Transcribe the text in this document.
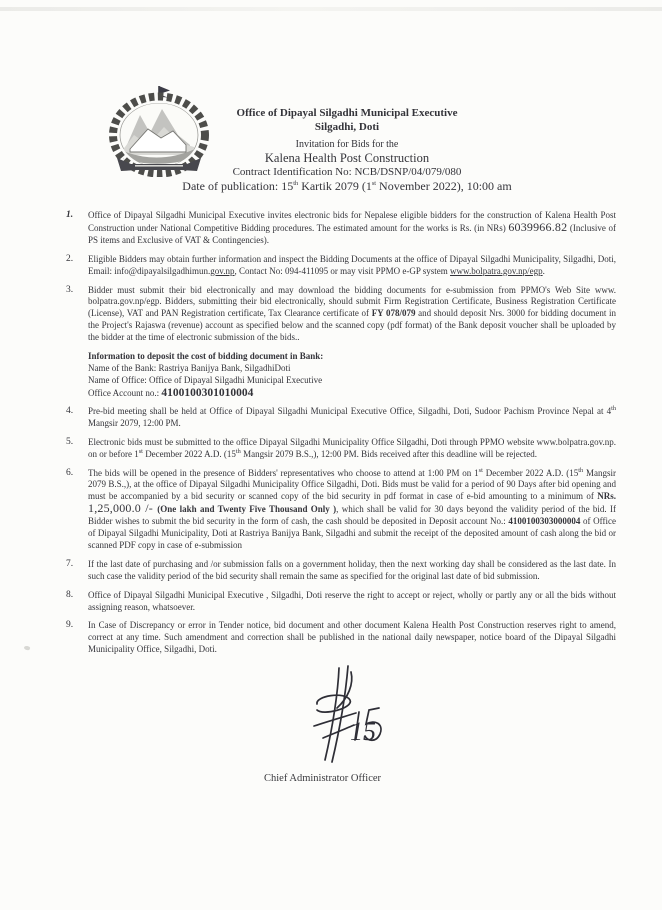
Office of Dipayal Silgadhi Municipal Executive
Silgadhi, Doti
Invitation for Bids for the
Kalena Health Post Construction
Contract Identification No: NCB/DSNP/04/079/080
Date of publication: 15th Kartik 2079 (1st November 2022), 10:00 am
1.	Office of Dipayal Silgadhi Municipal Executive invites electronic bids for Nepalese eligible bidders for the construction of Kalena Health Post Construction under National Competitive Bidding procedures. The estimated amount for the works is Rs. (in NRs) 6039966.82 (Inclusive of PS items and Exclusive of VAT & Contingencies).
2.	Eligible Bidders may obtain further information and inspect the Bidding Documents at the office of Dipayal Silgadhi Municipality, Silgadhi, Doti, Email: info@dipayalsilgadhimun.gov.np, Contact No: 094-411095 or may visit PPMO e-GP system www.bolpatra.gov.np/egp.
3.	Bidder must submit their bid electronically and may download the bidding documents for e-submission from PPMO's Web Site www. bolpatra.gov.np/egp. Bidders, submitting their bid electronically, should submit Firm Registration Certificate, Business Registration Certificate (License), VAT and PAN Registration certificate, Tax Clearance certificate of FY 078/079 and should deposit Nrs. 3000 for bidding document in the Project's Rajaswa (revenue) account as specified below and the scanned copy (pdf format) of the Bank deposit voucher shall be uploaded by the bidder at the time of electronic submission of the bids..
Information to deposit the cost of bidding document in Bank:
Name of the Bank: Rastriya Banijya Bank, SilgadhiDoti
Name of Office: Office of Dipayal Silgadhi Municipal Executive
Office Account no.: 4100100301010004
4.	Pre-bid meeting shall be held at Office of Dipayal Silgadhi Municipal Executive Office, Silgadhi, Doti, Sudoor Pachism Province Nepal at 4th Mangsir 2079, 12:00 PM.
5.	Electronic bids must be submitted to the office Dipayal Silgadhi Municipality Office Silgadhi, Doti through PPMO website www.bolpatra.gov.np. on or before 1st December 2022 A.D. (15th Mangsir 2079 B.S.,), 12:00 PM. Bids received after this deadline will be rejected.
6.	The bids will be opened in the presence of Bidders' representatives who choose to attend at 1:00 PM on 1st December 2022 A.D. (15th Mangsir 2079 B.S.,), at the office of Dipayal Silgadhi Municipality Office Silgadhi, Doti. Bids must be valid for a period of 90 Days after bid opening and must be accompanied by a bid security or scanned copy of the bid security in pdf format in case of e-bid amounting to a minimum of NRs. 1,25,000.0 /- (One lakh and Twenty Five Thousand Only ), which shall be valid for 30 days beyond the validity period of the bid. If Bidder wishes to submit the bid security in the form of cash, the cash should be deposited in Deposit account No.: 4100100303000004 of Office of Dipayal Silgadhi Municipality, Doti at Rastriya Banijya Bank, Silgadhi and submit the receipt of the deposited amount of cash along the bid or scanned PDF copy in case of e-submission
7.	If the last date of purchasing and /or submission falls on a government holiday, then the next working day shall be considered as the last date. In such case the validity period of the bid security shall remain the same as specified for the original last date of bid submission.
8.	Office of Dipayal Silgadhi Municipal Executive , Silgadhi, Doti reserve the right to accept or reject, wholly or partly any or all the bids without assigning reason, whatsoever.
9.	In Case of Discrepancy or error in Tender notice, bid document and other document Kalena Health Post Construction reserves right to amend, correct at any time. Such amendment and correction shall be published in the national daily newspaper, notice board of the Dipayal Silgadhi Municipality Office, Silgadhi, Doti.
15
Chief Administrator Officer
